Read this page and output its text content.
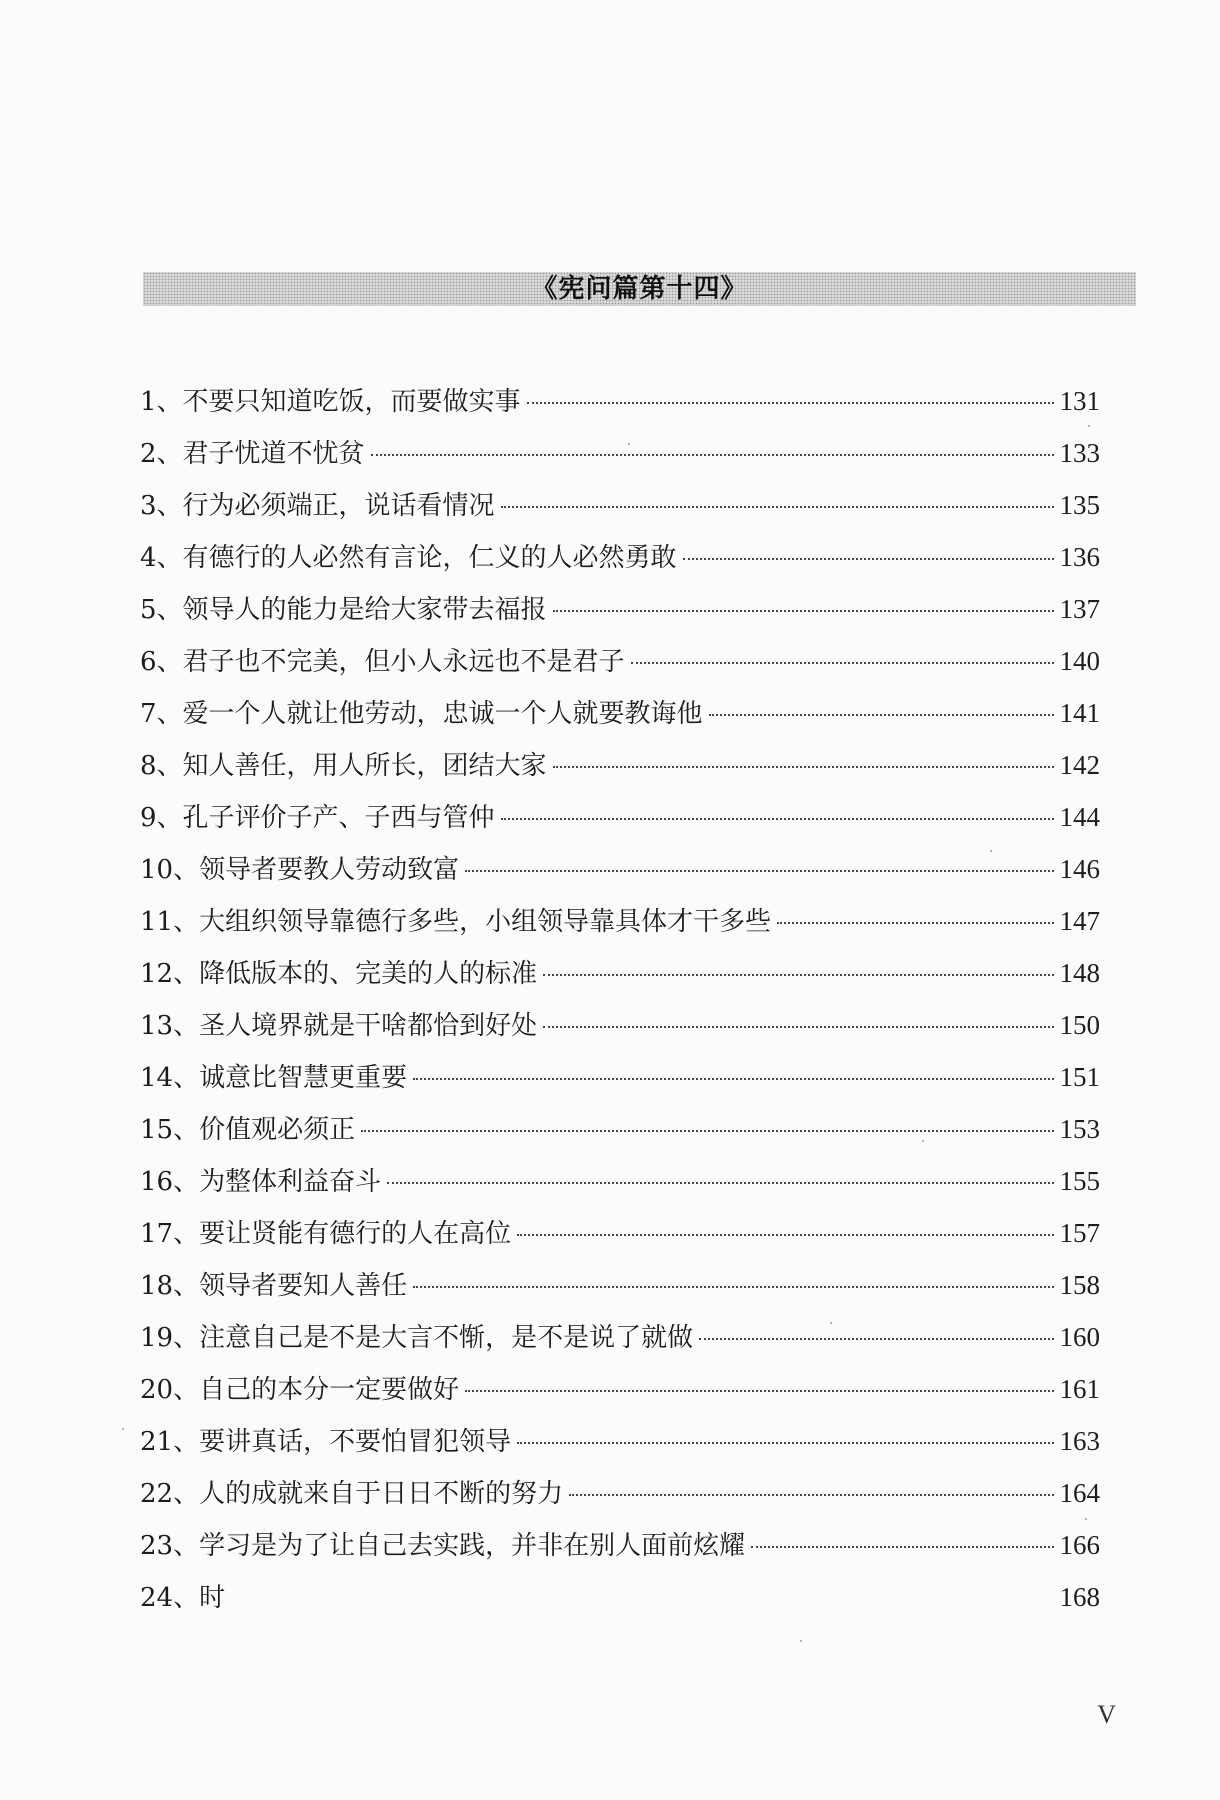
《宪问篇第十四》
1、不要只知道吃饭，而要做实事	131
2、君子忧道不忧贫	133
3、行为必须端正，说话看情况	135
4、有德行的人必然有言论，仁义的人必然勇敢	136
5、领导人的能力是给大家带去福报	137
6、君子也不完美，但小人永远也不是君子	140
7、爱一个人就让他劳动，忠诚一个人就要教诲他	141
8、知人善任，用人所长，团结大家	142
9、孔子评价子产、子西与管仲	144
10、领导者要教人劳动致富	146
11、大组织领导靠德行多些，小组领导靠具体才干多些	147
12、降低版本的、完美的人的标准	148
13、圣人境界就是干啥都恰到好处	150
14、诚意比智慧更重要	151
15、价值观必须正	153
16、为整体利益奋斗	155
17、要让贤能有德行的人在高位	157
18、领导者要知人善任	158
19、注意自己是不是大言不惭，是不是说了就做	160
20、自己的本分一定要做好	161
21、要讲真话，不要怕冒犯领导	163
22、人的成就来自于日日不断的努力	164
23、学习是为了让自己去实践，并非在别人面前炫耀	166
24、时	168
V
